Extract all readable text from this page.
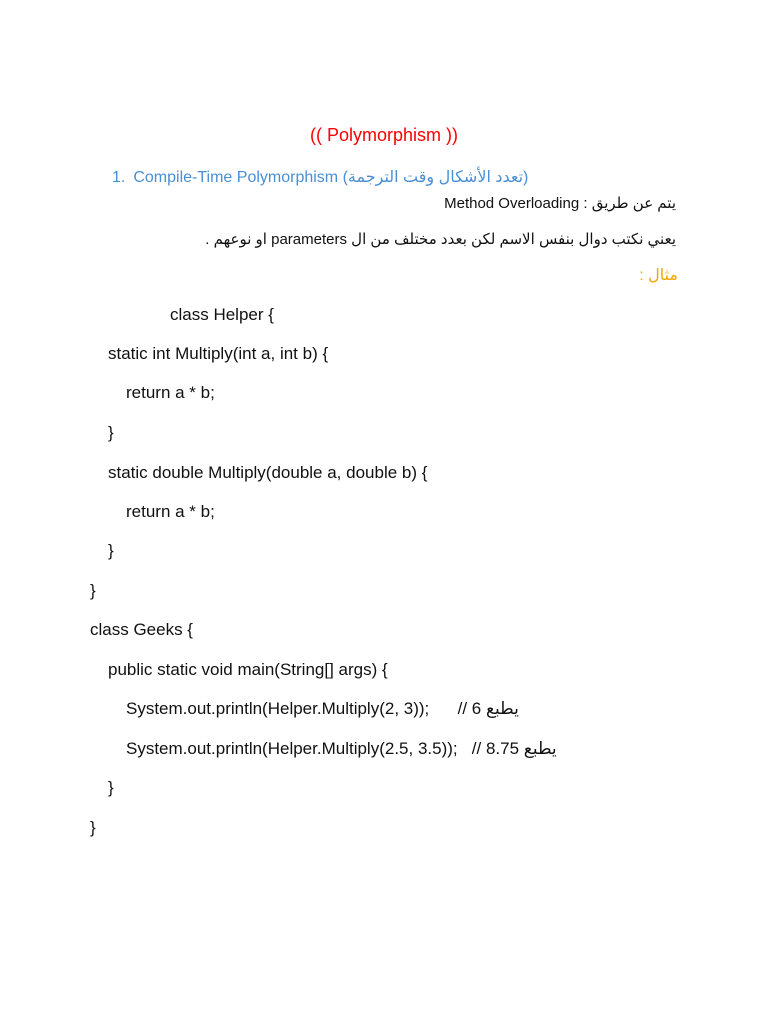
(( Polymorphism ))
1. Compile-Time Polymorphism (تعدد الأشكال وقت الترجمة)
يتم عن طريق : Method Overloading
يعني نكتب دوال بنفس الاسم لكن بعدد مختلف من ال parameters او نوعهم .
مثال :
class Helper {
static int Multiply(int a, int b) {
return a * b;
}
static double Multiply(double a, double b) {
return a * b;
}
}
class Geeks {
public static void main(String[] args) {
System.out.println(Helper.Multiply(2, 3));      // 6 يطبع
System.out.println(Helper.Multiply(2.5, 3.5));   // 8.75 يطبع
}
}
